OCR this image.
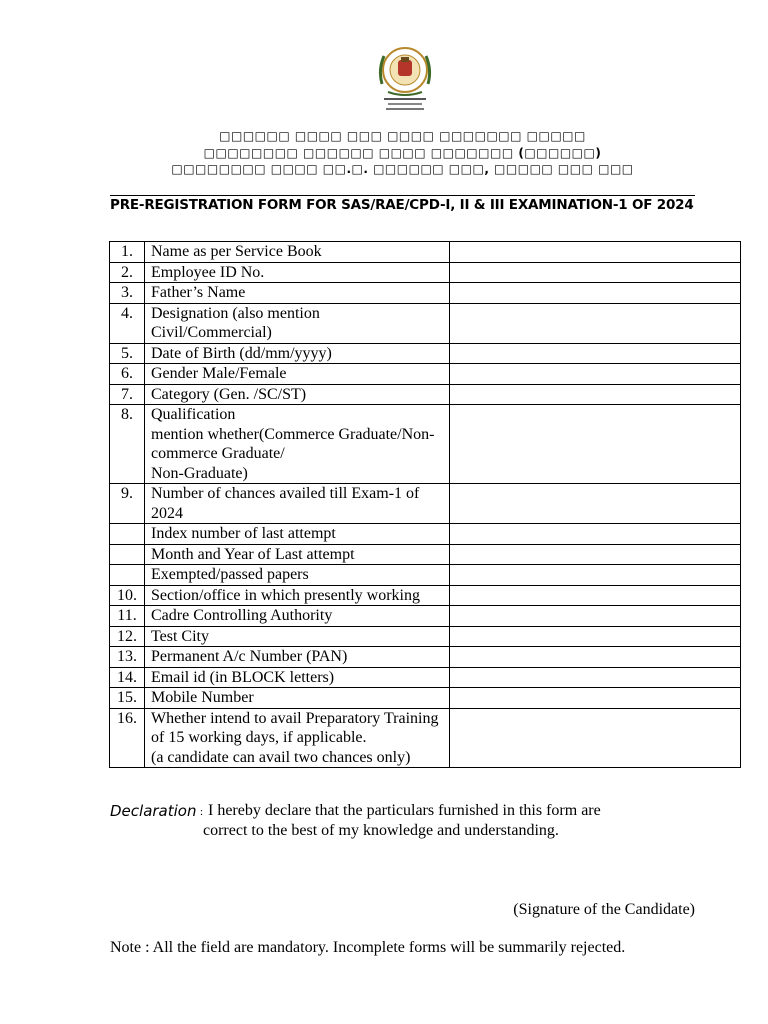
□□□□□□ □□□□ □□□ □□□□ □□□□□□□ □□□□□
□□□□□□□□ □□□□□□ □□□□ □□□□□□□ (□□□□□□)
□□□□□□□□ □□□□ □□.□. □□□□□□ □□□, □□□□□ □□□ □□□
PRE-REGISTRATION FORM FOR SAS/RAE/CPD-I, II & III EXAMINATION-1 OF 2024
1.	Name as per Service Book	

2.	Employee ID No.	

3.	Father’s Name	

4.	Designation (also mention Civil/Commercial)	

5.	Date of Birth (dd/mm/yyyy)	

6.	Gender Male/Female	

7.	Category (Gen. /SC/ST)	

8.	Qualification
mention whether(Commerce Graduate/Non-commerce Graduate/
Non-Graduate)	

9.	Number of chances availed till Exam-1 of 2024	

	Index number of last attempt	

	Month and Year of Last attempt	

	Exempted/passed papers	

10.	Section/office in which presently working	

11.	Cadre Controlling Authority	

12.	Test City	

13.	Permanent A/c Number (PAN)	

14.	Email id (in BLOCK letters)	

15.	Mobile Number	

16.	Whether intend to avail Preparatory Training of 15 working days, if applicable.
(a candidate can avail two chances only)	

Declaration : I hereby declare that the particulars furnished in this form are
correct to the best of my knowledge and understanding.
(Signature of the Candidate)
Note : All the field are mandatory. Incomplete forms will be summarily rejected.
